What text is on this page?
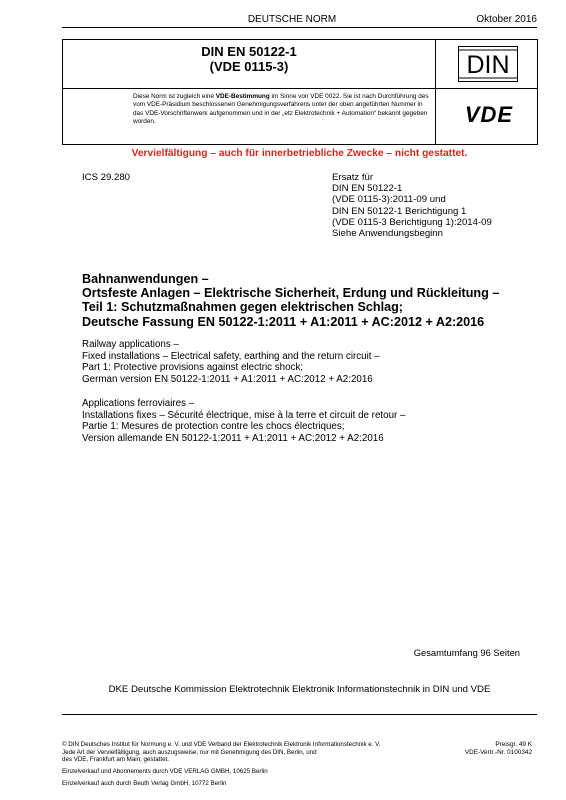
DEUTSCHE NORM	Oktober 2016
DIN EN 50122-1
(VDE 0115-3)
Diese Norm ist zugleich eine VDE-Bestimmung im Sinne von VDE 0022. Sie ist nach Durchführung des vom VDE-Präsidium beschlossenen Genehmigungsverfahrens unter der oben angeführten Nummer in das VDE-Vorschriftenwerk aufgenommen und in der „etz Elektrotechnik + Automation“ bekannt gegeben worden.
DIN
VDE
Vervielfältigung – auch für innerbetriebliche Zwecke – nicht gestattet.
ICS 29.280	Ersatz für
DIN EN 50122-1
(VDE 0115-3):2011-09 und
DIN EN 50122-1 Berichtigung 1
(VDE 0115-3 Berichtigung 1):2014-09
Siehe Anwendungsbeginn
Bahnanwendungen –
Ortsfeste Anlagen – Elektrische Sicherheit, Erdung und Rückleitung –
Teil 1: Schutzmaßnahmen gegen elektrischen Schlag;
Deutsche Fassung EN 50122-1:2011 + A1:2011 + AC:2012 + A2:2016
Railway applications –
Fixed installations – Electrical safety, earthing and the return circuit –
Part 1: Protective provisions against electric shock;
German version EN 50122-1:2011 + A1:2011 + AC:2012 + A2:2016
Applications ferroviaires –
Installations fixes – Sécurité électrique, mise à la terre et circuit de retour –
Partie 1: Mesures de protection contre les chocs électriques;
Version allemande EN 50122-1:2011 + A1:2011 + AC:2012 + A2:2016
Gesamtumfang 96 Seiten
DKE Deutsche Kommission Elektrotechnik Elektronik Informationstechnik in DIN und VDE
© DIN Deutsches Institut für Normung e. V. und VDE Verband der Elektrotechnik Elektronik Informationstechnik e. V.
Jede Art der Vervielfältigung, auch auszugsweise, nur mit Genehmigung des DIN, Berlin, und
des VDE, Frankfurt am Main, gestattet.
Preisgr. 49 K
VDE-Vertr.-Nr. 0100342
Einzelverkauf und Abonnements durch VDE VERLAG GMBH, 10625 Berlin
Einzelverkauf auch durch Beuth Verlag GmbH, 10772 Berlin
